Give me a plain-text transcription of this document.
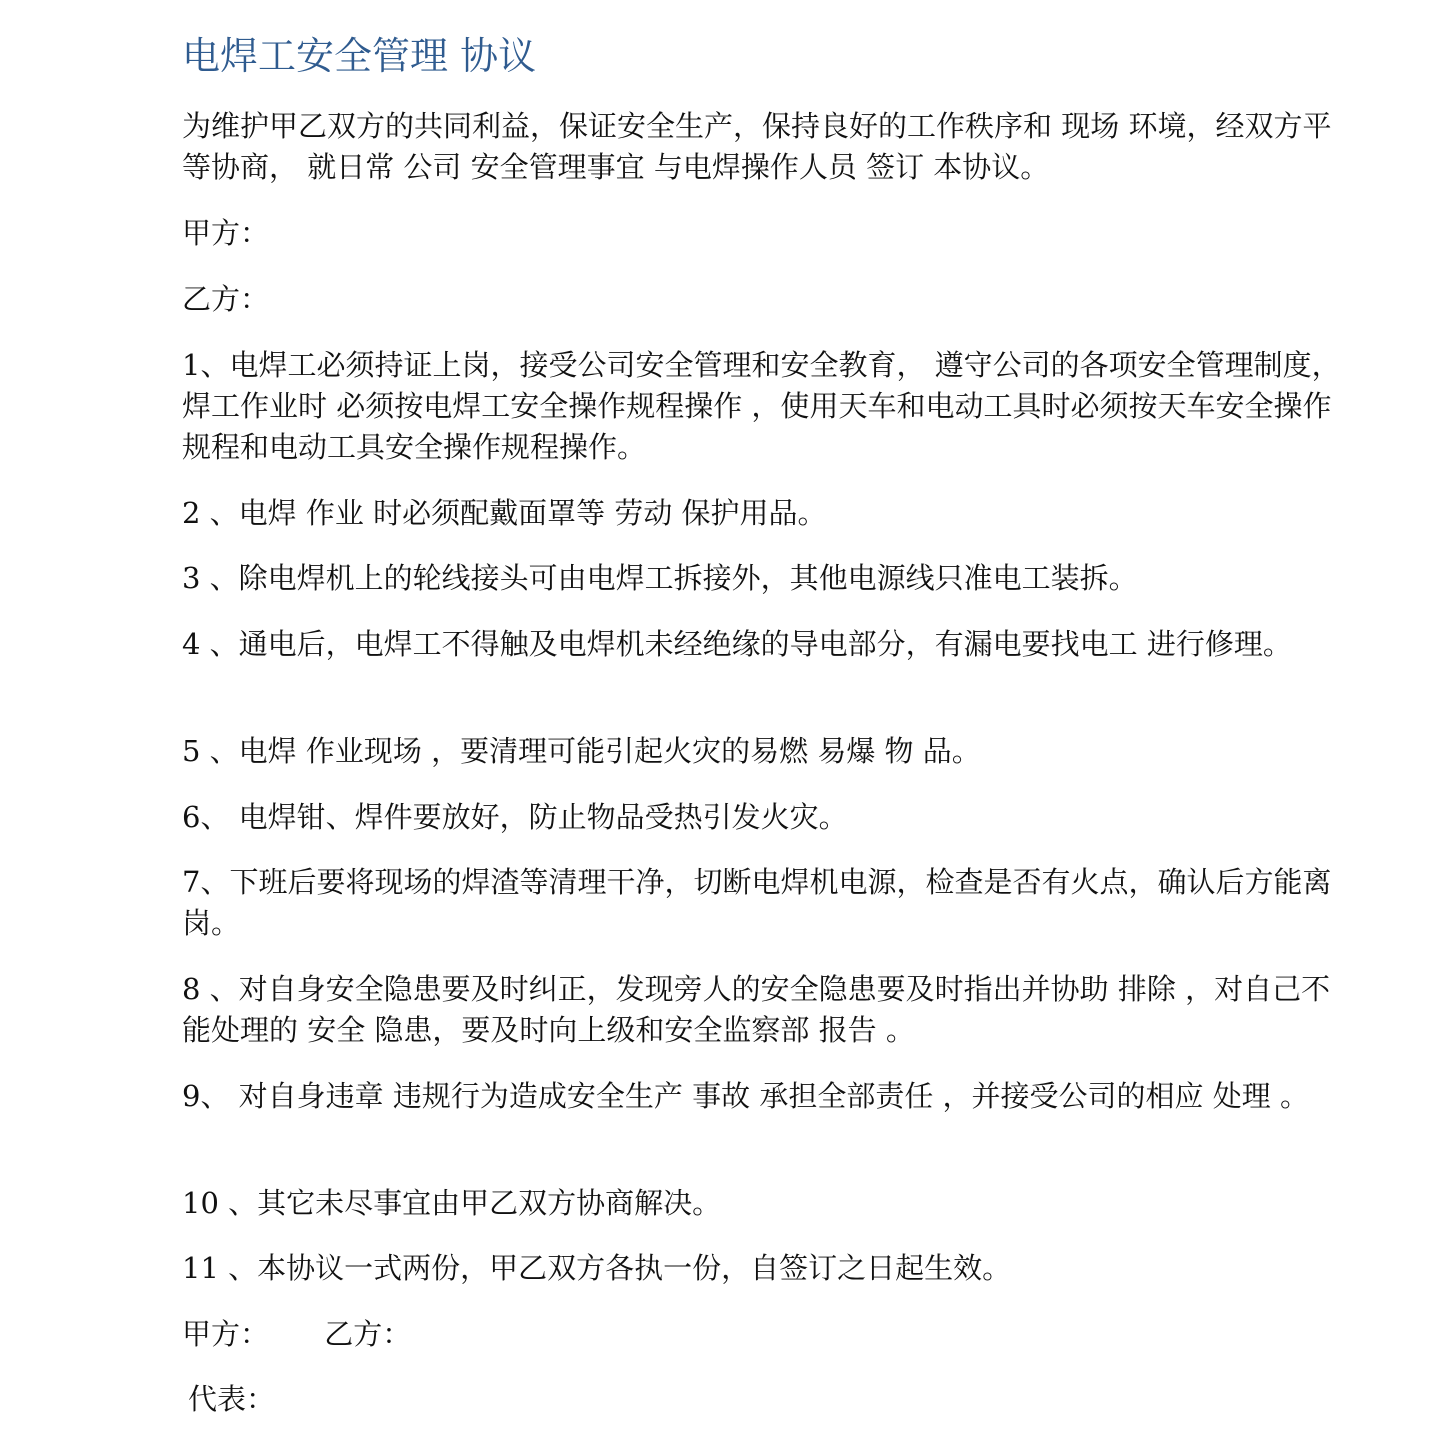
电焊工安全管理 协议

为维护甲乙双方的共同利益，保证安全生产，保持良好的工作秩序和 现场 环境，经双方平等协商， 就日常 公司 安全管理事宜 与电焊操作人员 签订 本协议。

甲方：

乙方：

1、电焊工必须持证上岗，接受公司安全管理和安全教育， 遵守公司的各项安全管理制度，焊工作业时 必须按电焊工安全操作规程操作 ，使用天车和电动工具时必须按天车安全操作规程和电动工具安全操作规程操作。

2 、电焊 作业 时必须配戴面罩等 劳动 保护用品。

3 、除电焊机上的轮线接头可由电焊工拆接外，其他电源线只准电工装拆。

4 、通电后，电焊工不得触及电焊机未经绝缘的导电部分，有漏电要找电工 进行修理。

5 、电焊 作业现场 ，要清理可能引起火灾的易燃 易爆 物 品。

6、 电焊钳、焊件要放好，防止物品受热引发火灾。

7、下班后要将现场的焊渣等清理干净，切断电焊机电源，检查是否有火点，确认后方能离岗。

8 、对自身安全隐患要及时纠正，发现旁人的安全隐患要及时指出并协助 排除 ，对自己不能处理的 安全 隐患，要及时向上级和安全监察部 报告 。

9、 对自身违章 违规行为造成安全生产 事故 承担全部责任 ，并接受公司的相应 处理 。

10 、其它未尽事宜由甲乙双方协商解决。

11 、本协议一式两份，甲乙双方各执一份，自签订之日起生效。

甲方：      乙方：

代表：
